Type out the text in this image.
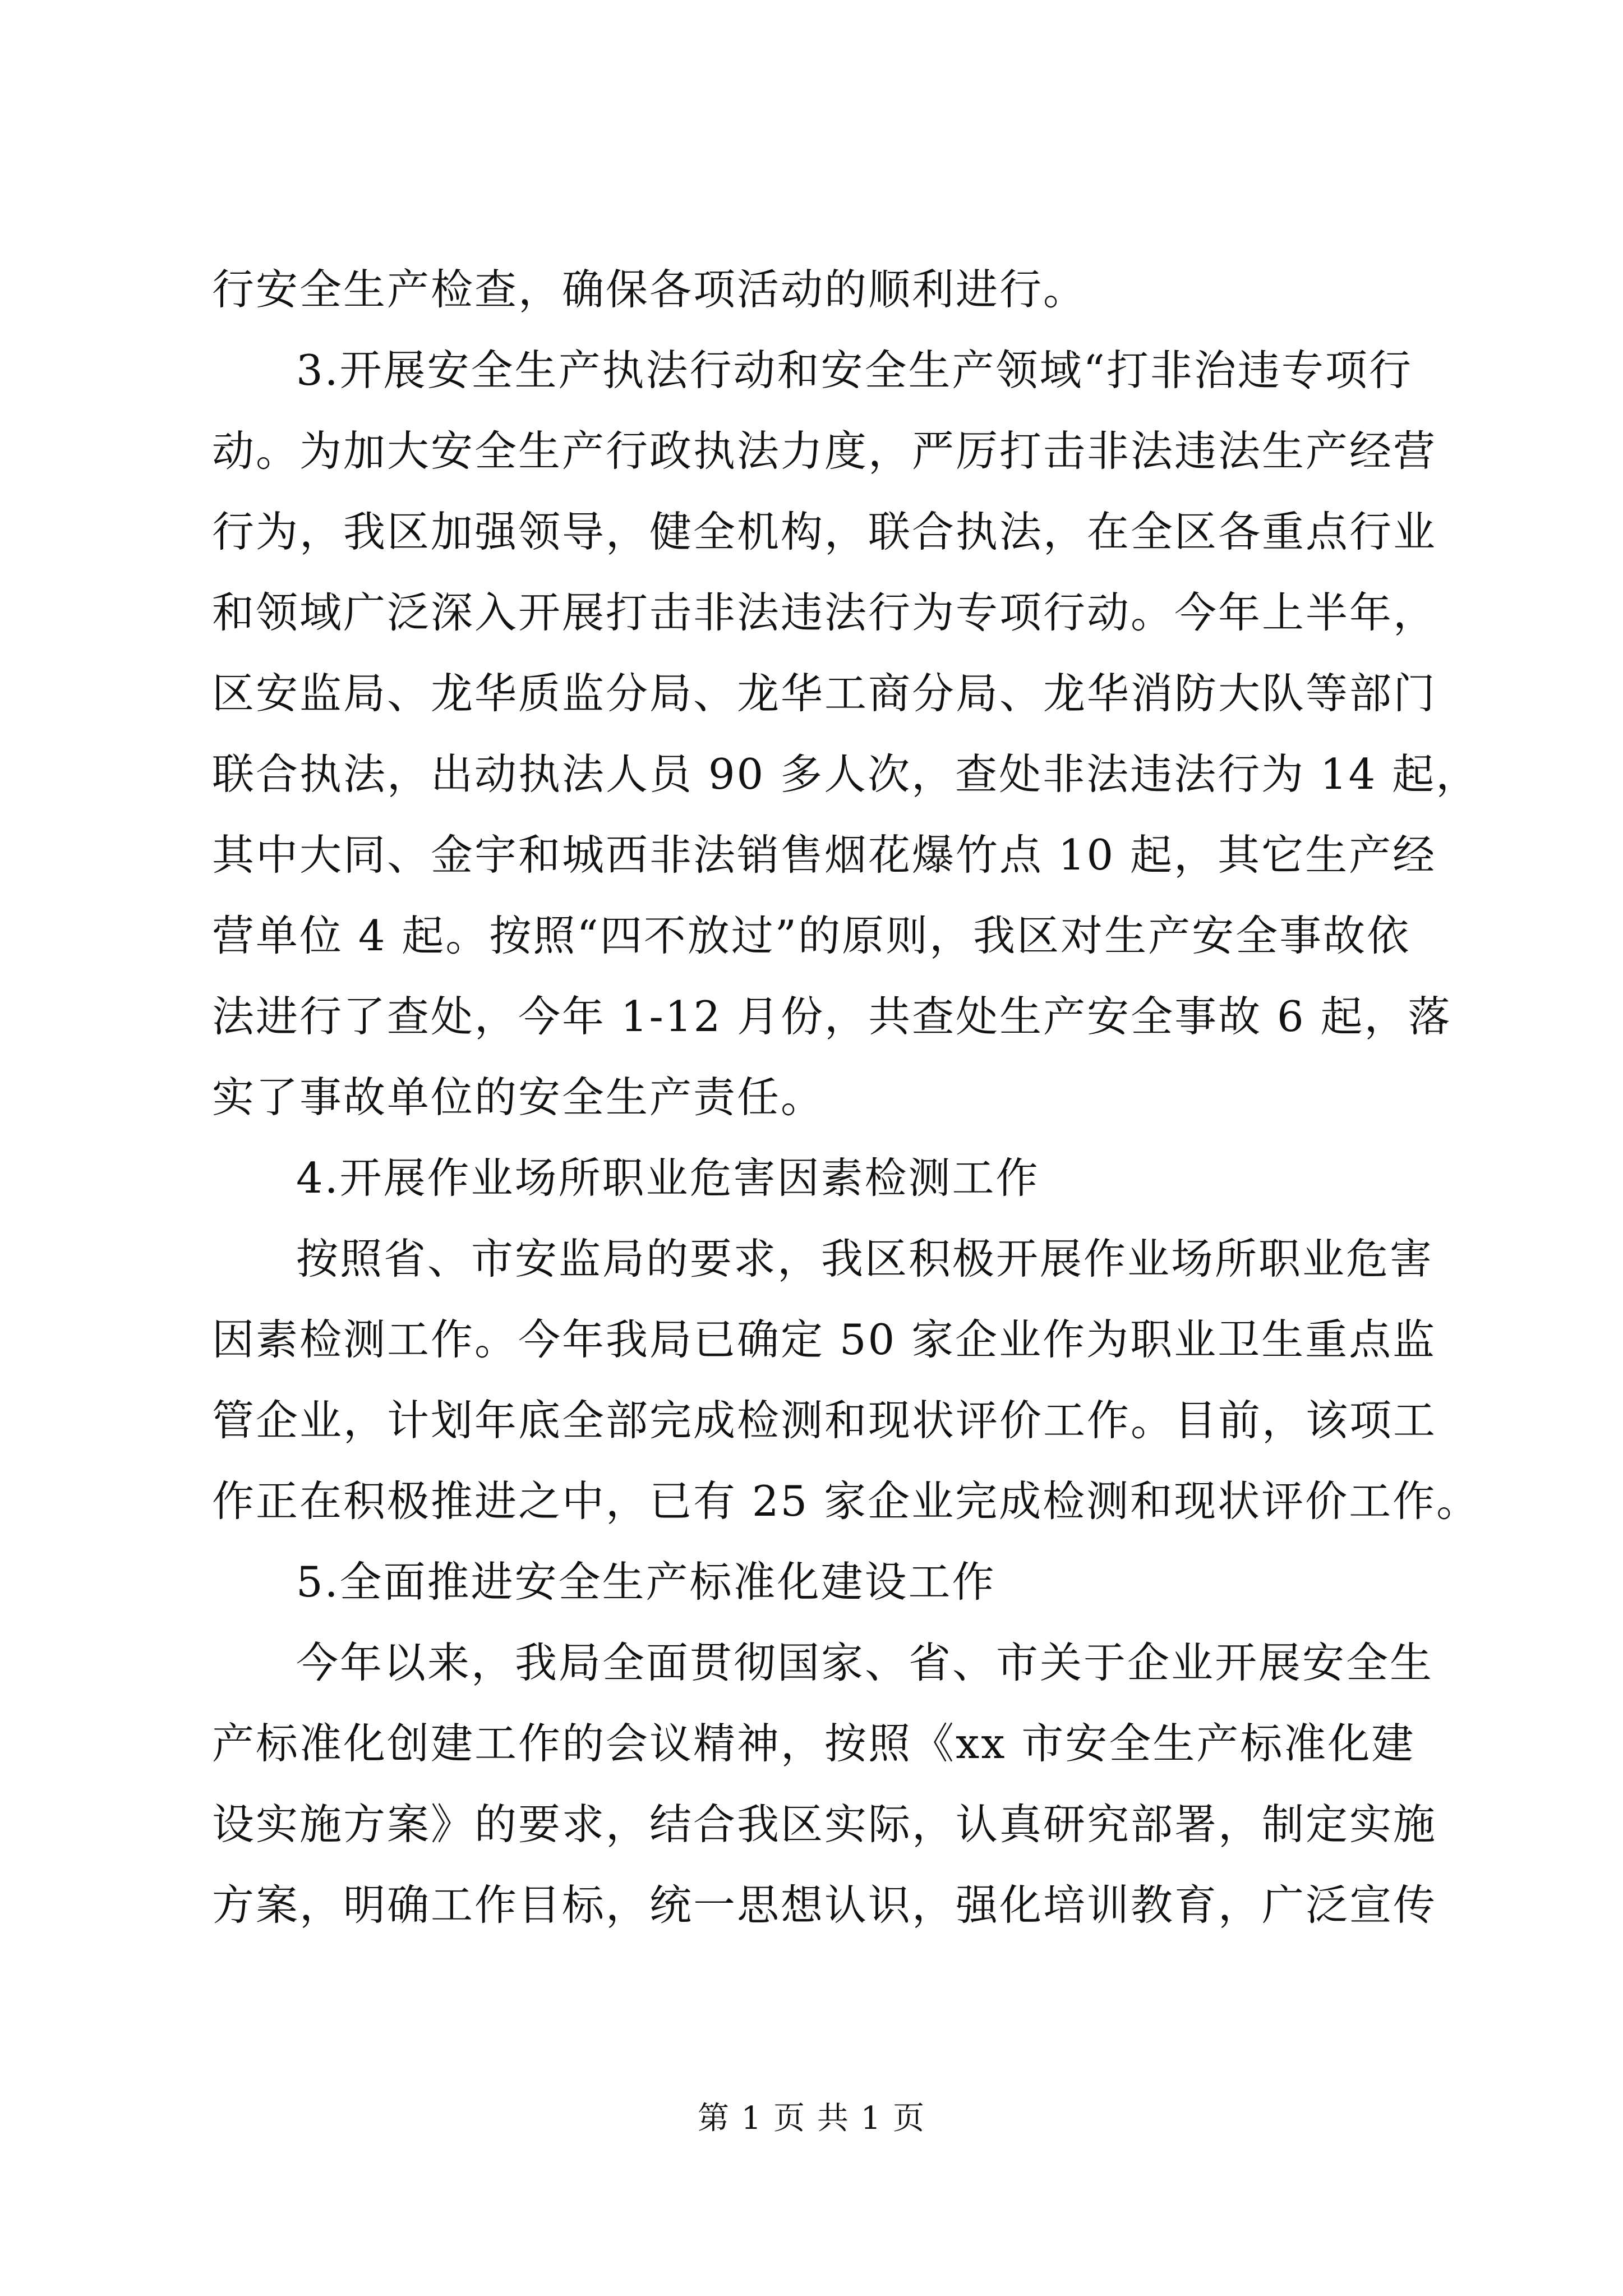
行安全生产检查，确保各项活动的顺利进行。
3.开展安全生产执法行动和安全生产领域“打非治违专项行
动。为加大安全生产行政执法力度，严厉打击非法违法生产经营
行为，我区加强领导，健全机构，联合执法，在全区各重点行业
和领域广泛深入开展打击非法违法行为专项行动。今年上半年，
区安监局、龙华质监分局、龙华工商分局、龙华消防大队等部门
联合执法，出动执法人员 90 多人次，查处非法违法行为 14 起，
其中大同、金宇和城西非法销售烟花爆竹点 10 起，其它生产经
营单位 4 起。按照“四不放过”的原则，我区对生产安全事故依
法进行了查处，今年 1-12 月份，共查处生产安全事故 6 起，落
实了事故单位的安全生产责任。
4.开展作业场所职业危害因素检测工作
按照省、市安监局的要求，我区积极开展作业场所职业危害
因素检测工作。今年我局已确定 50 家企业作为职业卫生重点监
管企业，计划年底全部完成检测和现状评价工作。目前，该项工
作正在积极推进之中，已有 25 家企业完成检测和现状评价工作。
5.全面推进安全生产标准化建设工作
今年以来，我局全面贯彻国家、省、市关于企业开展安全生
产标准化创建工作的会议精神，按照《xx 市安全生产标准化建
设实施方案》的要求，结合我区实际，认真研究部署，制定实施
方案，明确工作目标，统一思想认识，强化培训教育，广泛宣传
第 1 页 共 1 页
